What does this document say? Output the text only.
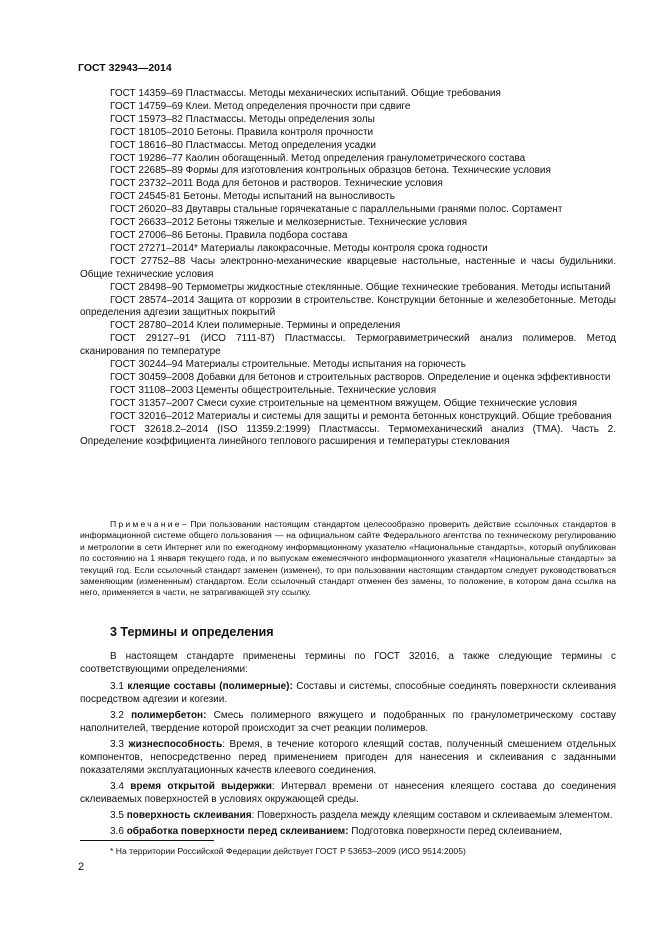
ГОСТ 32943—2014

ГОСТ 14359–69 Пластмассы. Методы механических испытаний. Общие требования

ГОСТ 14759–69 Клеи. Метод определения прочности при сдвиге

ГОСТ 15973–82 Пластмассы. Методы определения золы

ГОСТ 18105–2010 Бетоны. Правила контроля прочности

ГОСТ 18616–80 Пластмассы. Метод определения усадки

ГОСТ 19286–77 Каолин обогащенный. Метод определения гранулометрического состава

ГОСТ 22685–89 Формы для изготовления контрольных образцов бетона. Технические условия

ГОСТ 23732–2011 Вода для бетонов и растворов. Технические условия

ГОСТ 24545-81 Бетоны. Методы испытаний на выносливость

ГОСТ 26020–83 Двутавры стальные горячекатаные с параллельными гранями полос. Сортамент

ГОСТ 26633–2012 Бетоны тяжелые и мелкозернистые. Технические условия

ГОСТ 27006–86 Бетоны. Правила подбора состава

ГОСТ 27271–2014* Материалы лакокрасочные. Методы контроля срока годности

ГОСТ 27752–88 Часы электронно-механические кварцевые настольные, настенные и часы будильники. Общие технические условия

ГОСТ 28498–90 Термометры жидкостные стеклянные. Общие технические требования. Методы испытаний

ГОСТ 28574–2014 Защита от коррозии в строительстве. Конструкции бетонные и железобетонные. Методы определения адгезии защитных покрытий

ГОСТ 28780–2014 Клеи полимерные. Термины и определения

ГОСТ 29127–91 (ИСО 7111-87) Пластмассы. Термогравиметрический анализ полимеров. Метод сканирования по температуре

ГОСТ 30244–94 Материалы строительные. Методы испытания на горючесть

ГОСТ 30459–2008 Добавки для бетонов и строительных растворов. Определение и оценка эффективности

ГОСТ 31108–2003 Цементы общестроительные. Технические условия

ГОСТ 31357–2007 Смеси сухие строительные на цементном вяжущем. Общие технические условия

ГОСТ 32016–2012 Материалы и системы для защиты и ремонта бетонных конструкций. Общие требования

ГОСТ 32618.2–2014 (ISO 11359.2:1999) Пластмассы. Термомеханический анализ (ТМА). Часть 2. Определение коэффициента линейного теплового расширения и температуры стеклования

Примечание– При пользовании настоящим стандартом целесообразно проверить действие ссылочных стандартов в информационной системе общего пользования — на официальном сайте Федерального агентства по техническому регулированию и метрологии в сети Интернет или по ежегодному информационному указателю «Национальные стандарты», который опубликован по состоянию на 1 января текущего года, и по выпускам ежемесячного информационного указателя «Национальные стандарты» за текущий год. Если ссылочный стандарт заменен (изменен), то при пользовании настоящим стандартом следует руководствоваться заменяющим (измененным) стандартом. Если ссылочный стандарт отменен без замены, то положение, в котором дана ссылка на него, применяется в части, не затрагивающей эту ссылку.

3 Термины и определения

В настоящем стандарте применены термины по ГОСТ 32016, а также следующие термины с соответствующими определениями:

3.1 клеящие составы (полимерные): Составы и системы, способные соединять поверхности склеивания посредством адгезии и когезии.

3.2 полимербетон: Смесь полимерного вяжущего и подобранных по гранулометрическому составу наполнителей, твердение которой происходит за счет реакции полимеров.

3.3 жизнеспособность: Время, в течение которого клеящий состав, полученный смешением отдельных компонентов, непосредственно перед применением пригоден для нанесения и склеивания с заданными показателями эксплуатационных качеств клеевого соединения.

3.4 время открытой выдержки: Интервал времени от нанесения клеящего состава до соединения склеиваемых поверхностей в условиях окружающей среды.

3.5 поверхность склеивания: Поверхность раздела между клеящим составом и склеиваемым элементом.

3.6 обработка поверхности перед склеиванием: Подготовка поверхности перед склеиванием,

* На территории Российской Федерации действует ГОСТ Р 53653–2009 (ИСО 9514:2005)
2
